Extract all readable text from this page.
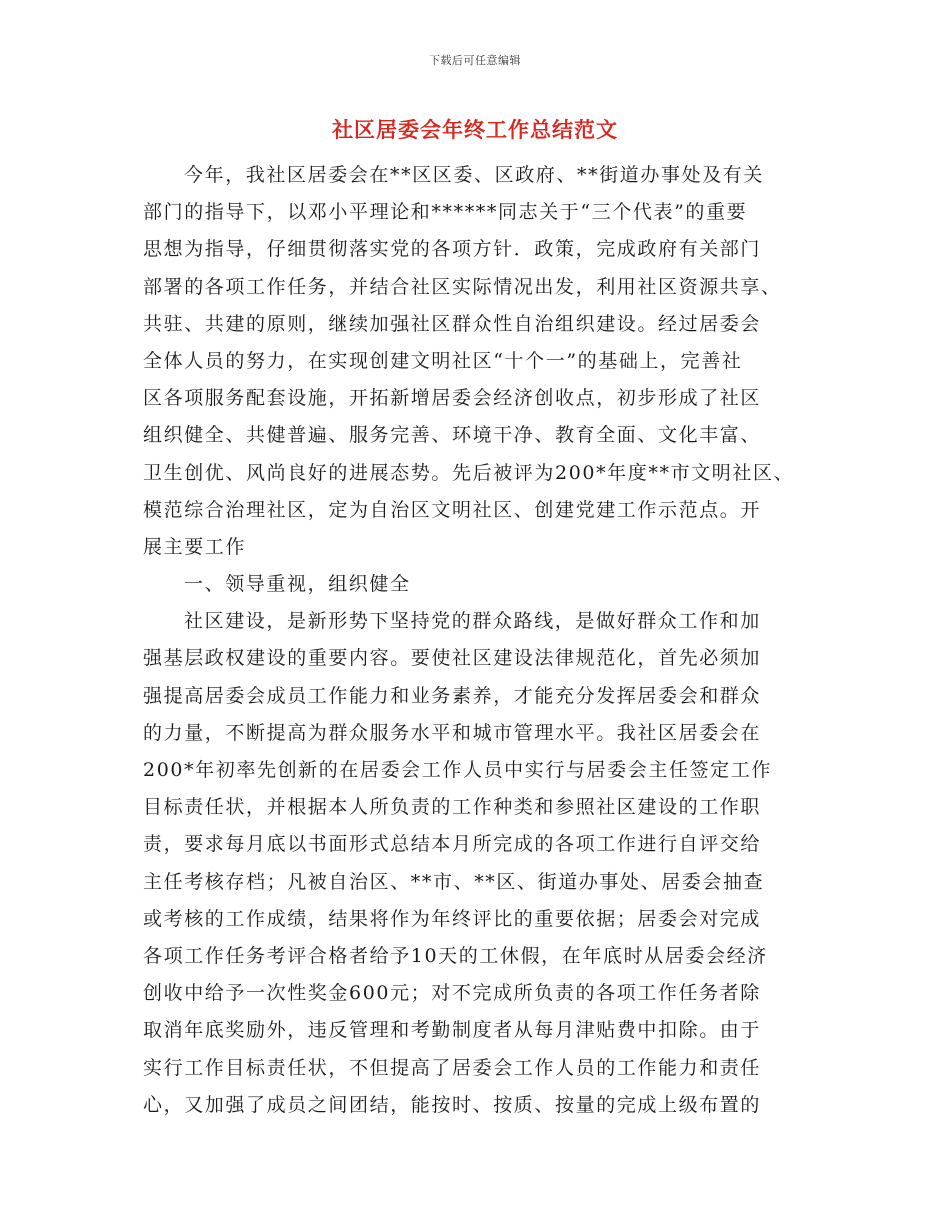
下载后可任意编辑
社区居委会年终工作总结范文
今年，我社区居委会在**区区委、区政府、**街道办事处及有关
部门的指导下，以邓小平理论和******同志关于“三个代表”的重要
思想为指导，仔细贯彻落实党的各项方针．政策，完成政府有关部门
部署的各项工作任务，并结合社区实际情况出发，利用社区资源共享、
共驻、共建的原则，继续加强社区群众性自治组织建设。经过居委会
全体人员的努力，在实现创建文明社区“十个一”的基础上，完善社
区各项服务配套设施，开拓新增居委会经济创收点，初步形成了社区
组织健全、共健普遍、服务完善、环境干净、教育全面、文化丰富、
卫生创优、风尚良好的进展态势。先后被评为200*年度**市文明社区、
模范综合治理社区，定为自治区文明社区、创建党建工作示范点。开
展主要工作
一、领导重视，组织健全
社区建设，是新形势下坚持党的群众路线，是做好群众工作和加
强基层政权建设的重要内容。要使社区建设法律规范化，首先必须加
强提高居委会成员工作能力和业务素养，才能充分发挥居委会和群众
的力量，不断提高为群众服务水平和城市管理水平。我社区居委会在
200*年初率先创新的在居委会工作人员中实行与居委会主任签定工作
目标责任状，并根据本人所负责的工作种类和参照社区建设的工作职
责，要求每月底以书面形式总结本月所完成的各项工作进行自评交给
主任考核存档；凡被自治区、**市、**区、街道办事处、居委会抽查
或考核的工作成绩，结果将作为年终评比的重要依据；居委会对完成
各项工作任务考评合格者给予10天的工休假，在年底时从居委会经济
创收中给予一次性奖金600元；对不完成所负责的各项工作任务者除
取消年底奖励外，违反管理和考勤制度者从每月津贴费中扣除。由于
实行工作目标责任状，不但提高了居委会工作人员的工作能力和责任
心，又加强了成员之间团结，能按时、按质、按量的完成上级布置的
